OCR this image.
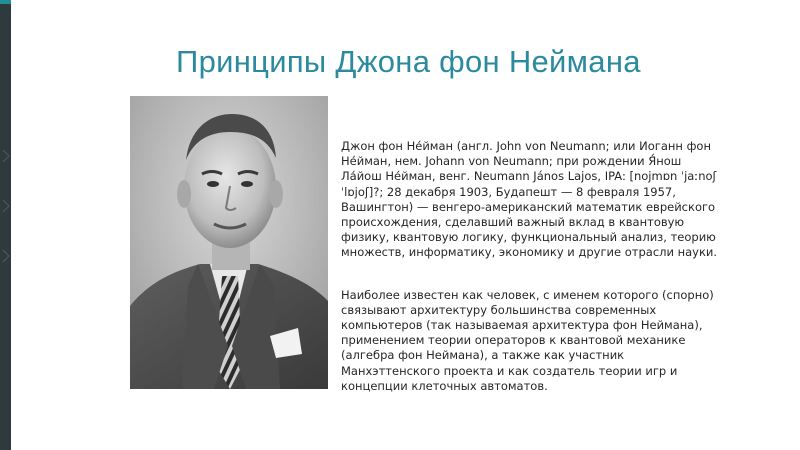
Принципы Джона фон Неймана

Джон фон Не́йман (англ. John von Neumann; или Иоганн фон
Не́йман, нем. Johann von Neumann; при рождении Я́нош
Ла́йош Не́йман, венг. Neumann János Lajos, IPA: [nojmɒn ˈjaːnoʃ
ˈlɒjoʃ]?; 28 декабря 1903, Будапешт — 8 февраля 1957,
Вашингтон) — венгеро-американский математик еврейского
происхождения, сделавший важный вклад в квантовую
физику, квантовую логику, функциональный анализ, теорию
множеств, информатику, экономику и другие отрасли науки.

Наиболее известен как человек, с именем которого (спорно)
связывают архитектуру большинства современных
компьютеров (так называемая архитектура фон Неймана),
применением теории операторов к квантовой механике
(алгебра фон Неймана), а также как участник
Манхэттенского проекта и как создатель теории игр и
концепции клеточных автоматов.
